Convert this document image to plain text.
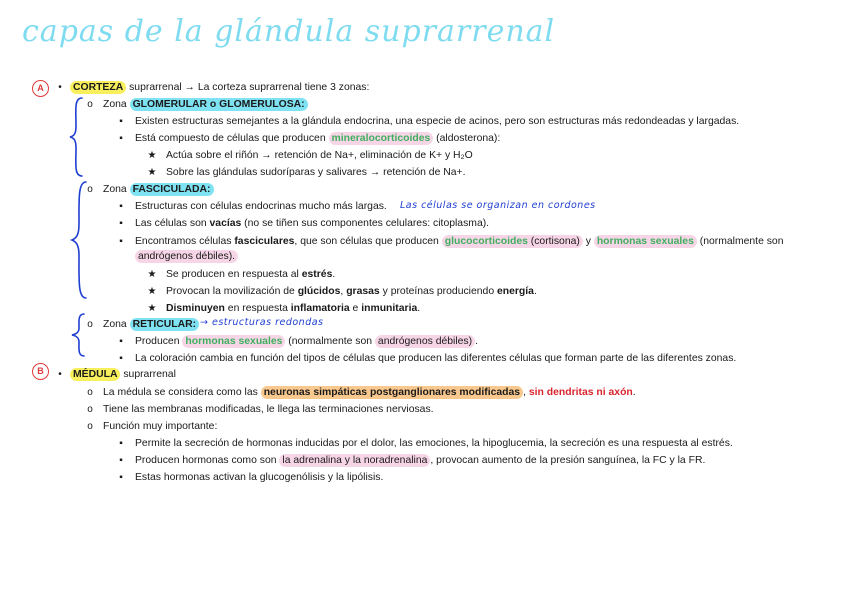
capas de la glándula suprarrenal
A	•	CORTEZA suprarrenal → La corteza suprarrenal tiene 3 zonas:
o Zona GLOMERULAR o GLOMERULOSA:
▪	Existen estructuras semejantes a la glándula endocrina, una especie de acinos, pero son estructuras más redondeadas y largadas.
▪	Está compuesto de células que producen mineralocorticoides (aldosterona):
★ Actúa sobre el riñón → retención de Na+, eliminación de K+ y H₂O
★ Sobre las glándulas sudoríparas y salivares → retención de Na+.
o Zona FASCICULADA:
▪	Estructuras con células endocrinas mucho más largas. Las células se organizan en cordones
▪	Las células son vacías (no se tiñen sus componentes celulares: citoplasma).
▪	Encontramos células fasciculares, que son células que producen glucocorticoides (cortisona) y hormonas sexuales (normalmente son
andrógenos débiles).
★ Se producen en respuesta al estrés.
★ Provocan la movilización de glúcidos, grasas y proteínas produciendo energía.
★ Disminuyen en respuesta inflamatoria e inmunitaria.
o Zona RETICULAR: → estructuras redondas
▪	Producen hormonas sexuales (normalmente son andrógenos débiles) .
▪	La coloración cambia en función del tipos de células que producen las diferentes células que forman parte de las diferentes zonas.
B	•	MÉDULA suprarrenal
o La médula se considera como las neuronas simpáticas postganglionares modificadas , sin dendritas ni axón.
o Tiene las membranas modificadas, le llega las terminaciones nerviosas.
o Función muy importante:
▪	Permite la secreción de hormonas inducidas por el dolor, las emociones, la hipoglucemia, la secreción es una respuesta al estrés.
▪	Producen hormonas como son la adrenalina y la noradrenalina , provocan aumento de la presión sanguínea, la FC y la FR.
▪	Estas hormonas activan la glucogenólisis y la lipólisis.
